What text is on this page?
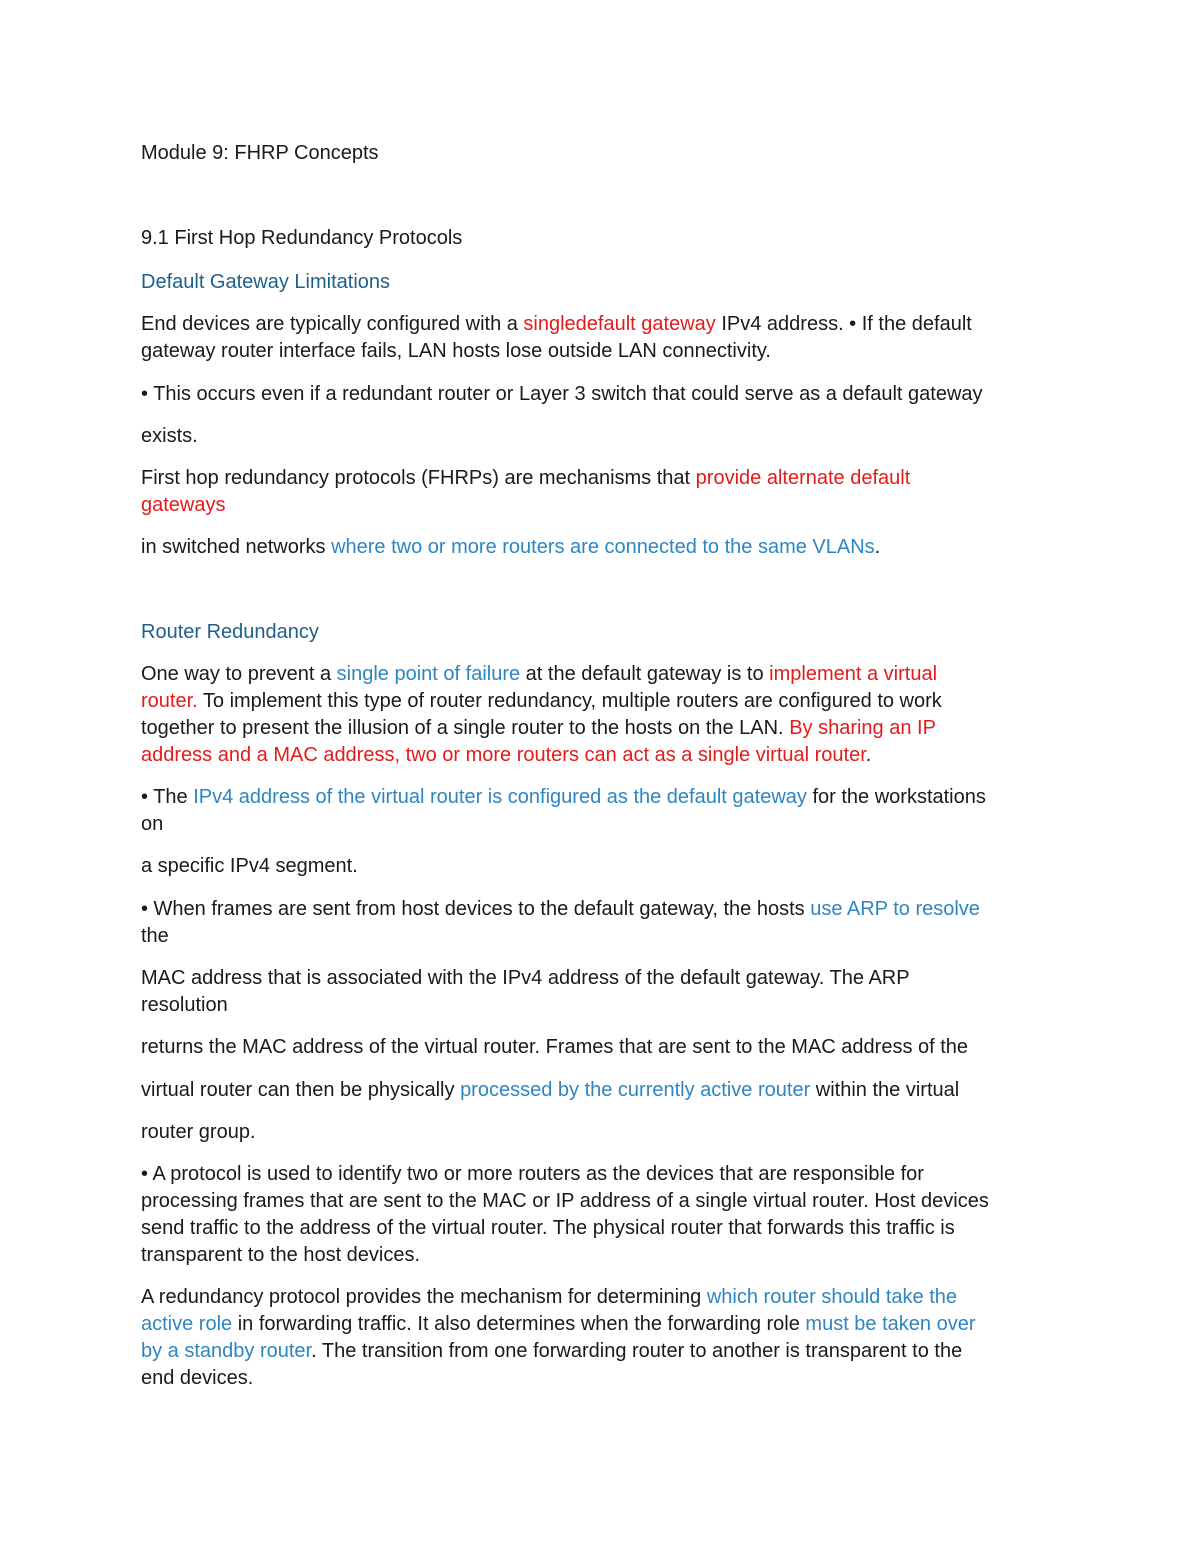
Module 9: FHRP Concepts
9.1 First Hop Redundancy Protocols
Default Gateway Limitations
End devices are typically configured with a singledefault gateway IPv4 address. • If the default
gateway router interface fails, LAN hosts lose outside LAN connectivity.
• This occurs even if a redundant router or Layer 3 switch that could serve as a default gateway
exists.
First hop redundancy protocols (FHRPs) are mechanisms that provide alternate default
gateways
in switched networks where two or more routers are connected to the same VLANs.
Router Redundancy
One way to prevent a single point of failure at the default gateway is to implement a virtual
router. To implement this type of router redundancy, multiple routers are configured to work
together to present the illusion of a single router to the hosts on the LAN. By sharing an IP
address and a MAC address, two or more routers can act as a single virtual router.
• The IPv4 address of the virtual router is configured as the default gateway for the workstations
on
a specific IPv4 segment.
• When frames are sent from host devices to the default gateway, the hosts use ARP to resolve
the
MAC address that is associated with the IPv4 address of the default gateway. The ARP
resolution
returns the MAC address of the virtual router. Frames that are sent to the MAC address of the
virtual router can then be physically processed by the currently active router within the virtual
router group.
• A protocol is used to identify two or more routers as the devices that are responsible for
processing frames that are sent to the MAC or IP address of a single virtual router. Host devices
send traffic to the address of the virtual router. The physical router that forwards this traffic is
transparent to the host devices.
A redundancy protocol provides the mechanism for determining which router should take the
active role in forwarding traffic. It also determines when the forwarding role must be taken over
by a standby router. The transition from one forwarding router to another is transparent to the
end devices.
